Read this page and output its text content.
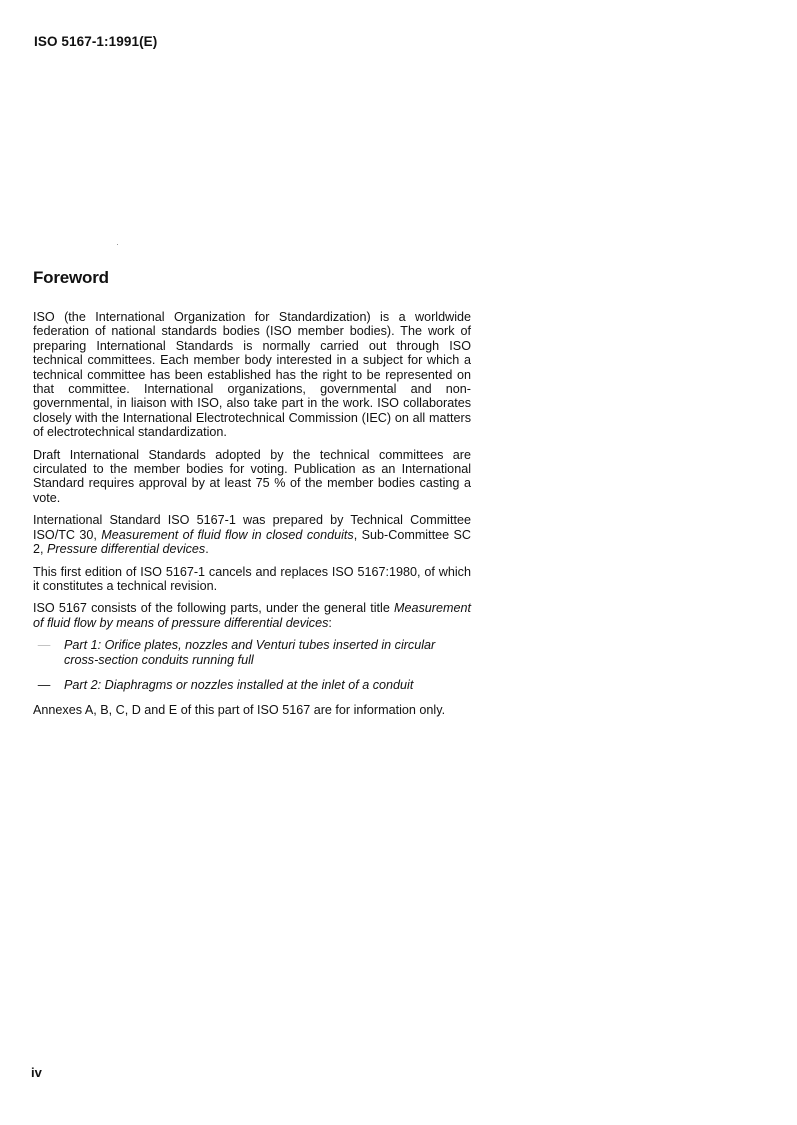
ISO 5167-1:1991(E)
Foreword

ISO (the International Organization for Standardization) is a worldwide federation of national standards bodies (ISO member bodies). The work of preparing International Standards is normally carried out through ISO technical committees. Each member body interested in a subject for which a technical committee has been established has the right to be represented on that committee. International organizations, governmental and non-governmental, in liaison with ISO, also take part in the work. ISO collaborates closely with the International Electrotechnical Commission (IEC) on all matters of electrotechnical standardization.

Draft International Standards adopted by the technical committees are circulated to the member bodies for voting. Publication as an International Standard requires approval by at least 75 % of the member bodies casting a vote.

International Standard ISO 5167-1 was prepared by Technical Committee ISO/TC 30, Measurement of fluid flow in closed conduits, Sub-Committee SC 2, Pressure differential devices.

This first edition of ISO 5167-1 cancels and replaces ISO 5167:1980, of which it constitutes a technical revision.

ISO 5167 consists of the following parts, under the general title Measurement of fluid flow by means of pressure differential devices:

—	Part 1: Orifice plates, nozzles and Venturi tubes inserted in circular cross-section conduits running full
—	Part 2: Diaphragms or nozzles installed at the inlet of a conduit

Annexes A, B, C, D and E of this part of ISO 5167 are for information only.

iv
